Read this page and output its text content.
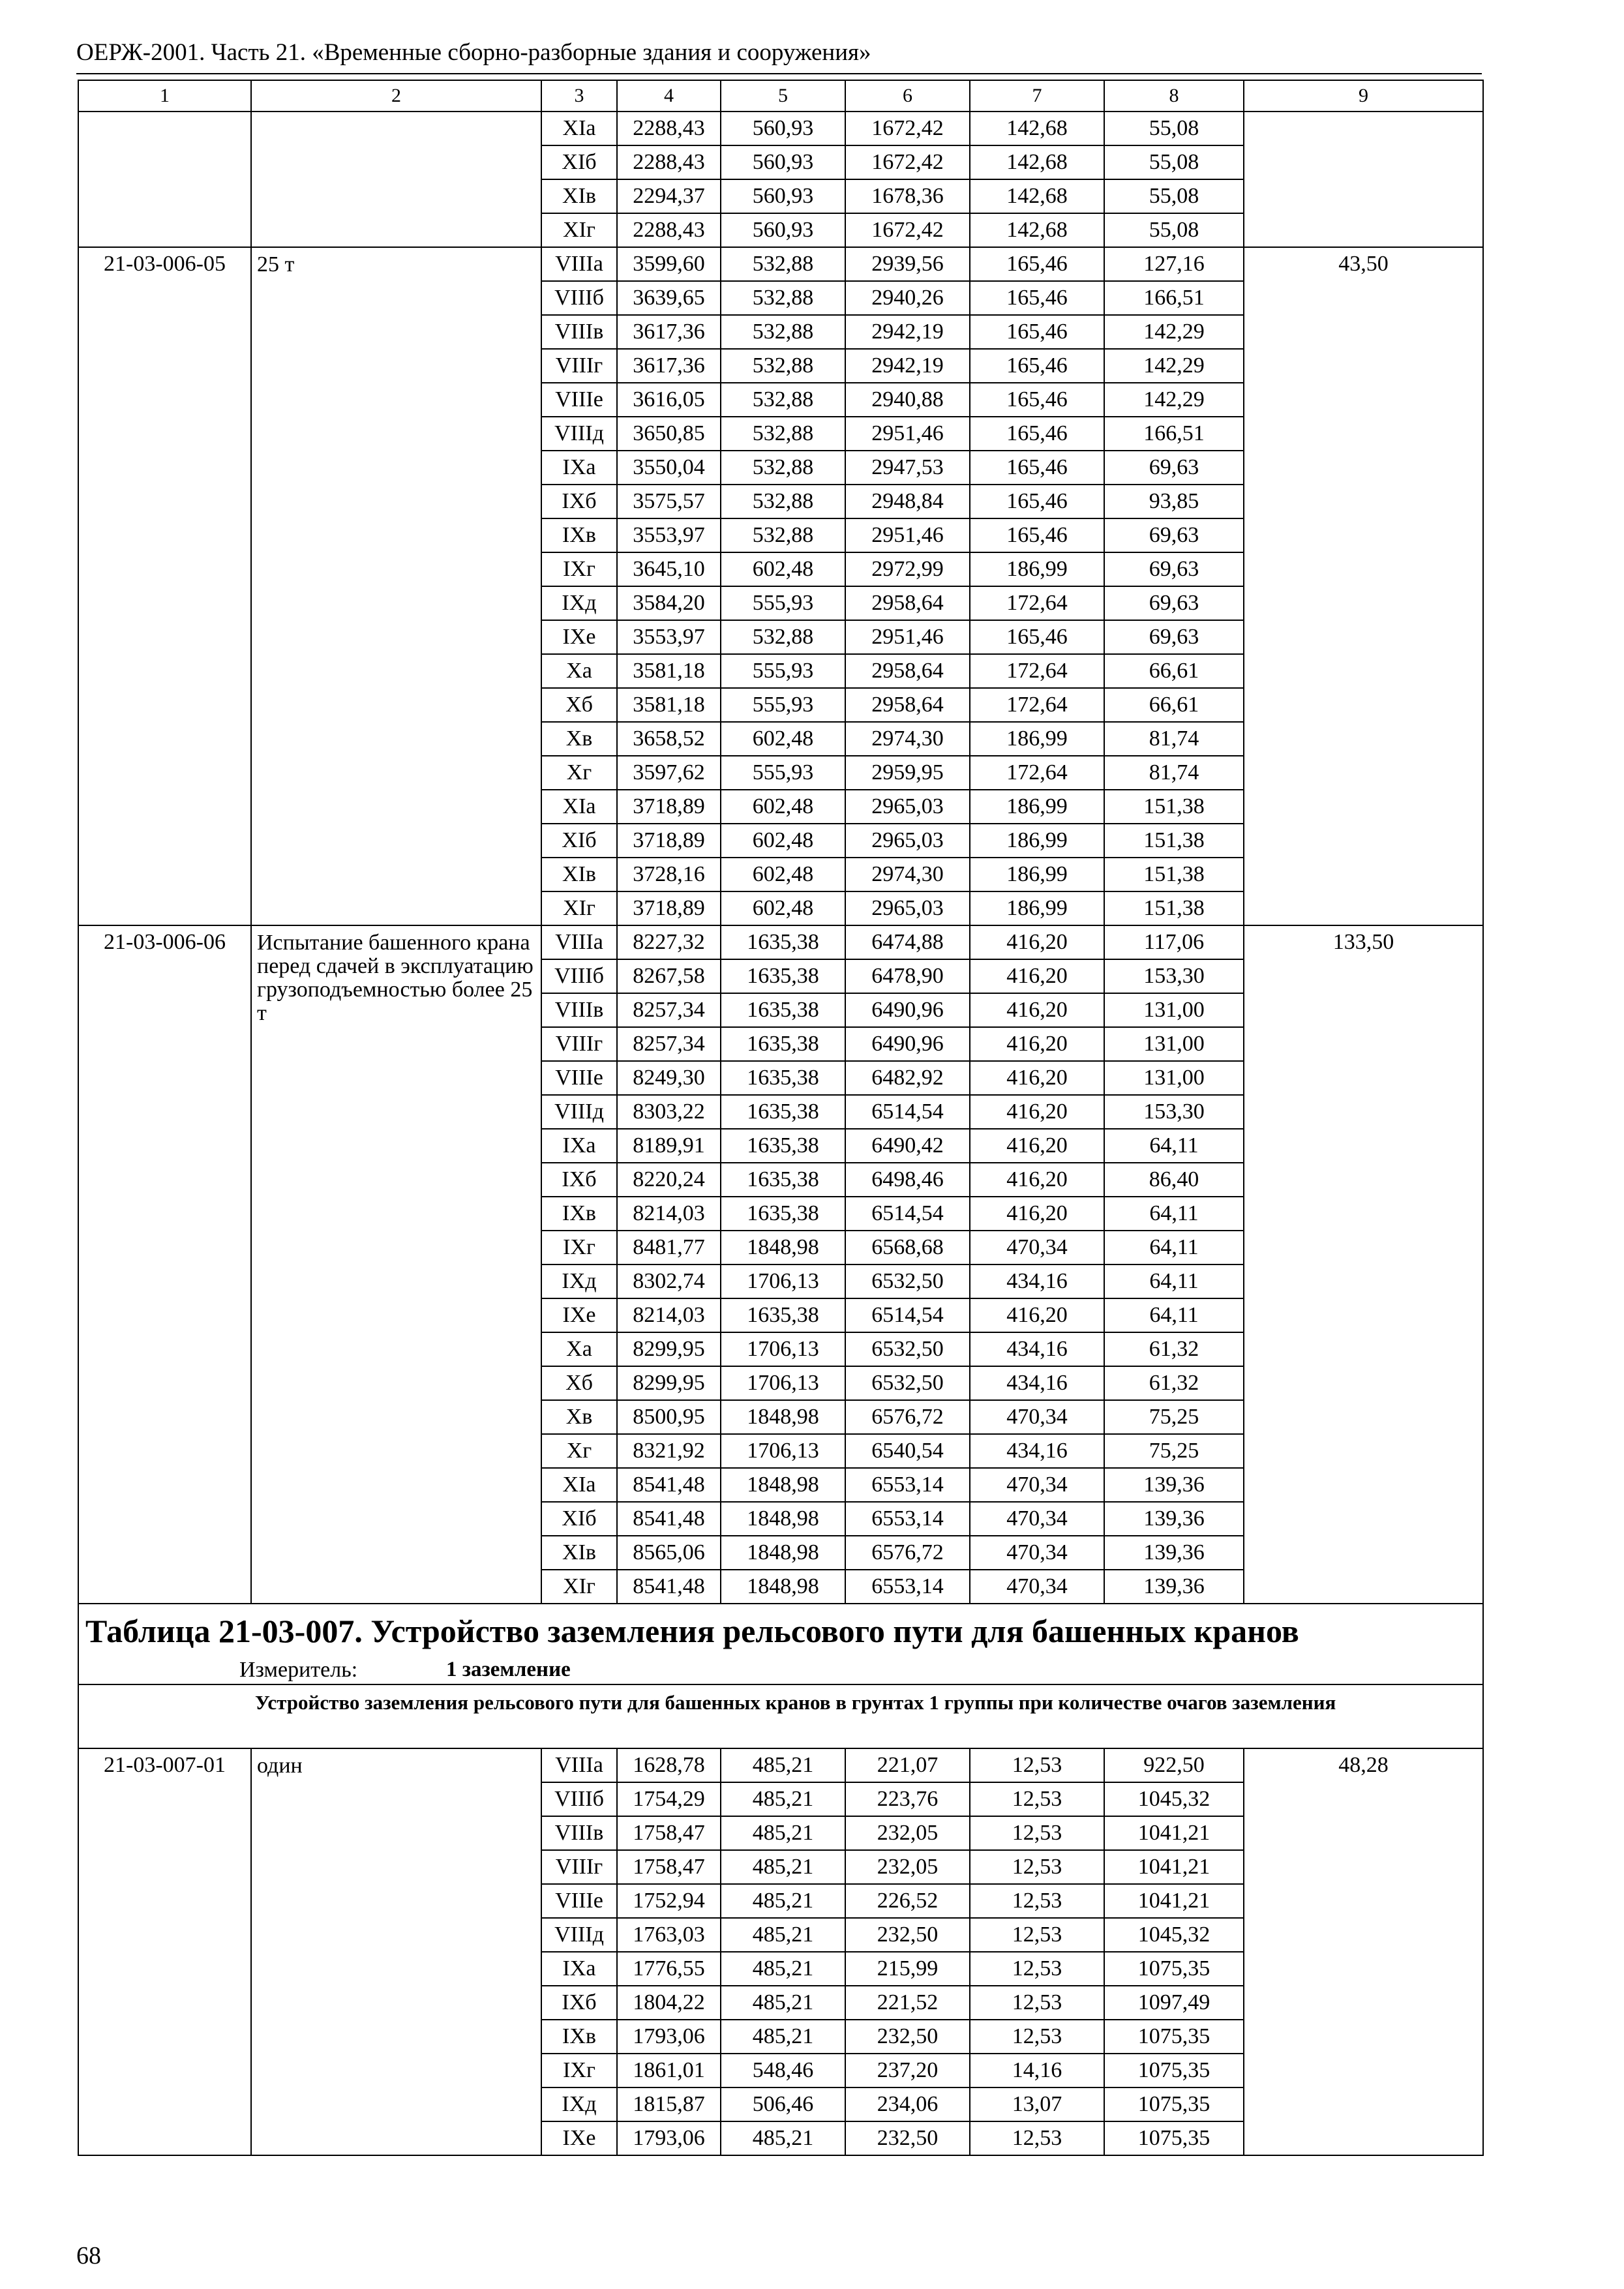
ОЕРЖ-2001. Часть 21. «Временные сборно-разборные здания и сооружения»
1	2	3	4	5	6	7	8	9
		XIa	2288,43	560,93	1672,42	142,68	55,08	
		XIб	2288,43	560,93	1672,42	142,68	55,08	
		XIв	2294,37	560,93	1678,36	142,68	55,08	
		XIг	2288,43	560,93	1672,42	142,68	55,08	
21-03-006-05	25 т	VIIIa	3599,60	532,88	2939,56	165,46	127,16	43,50
		VIIIб	3639,65	532,88	2940,26	165,46	166,51	
		VIIIв	3617,36	532,88	2942,19	165,46	142,29	
		VIIIг	3617,36	532,88	2942,19	165,46	142,29	
		VIIIе	3616,05	532,88	2940,88	165,46	142,29	
		VIIIд	3650,85	532,88	2951,46	165,46	166,51	
		IXa	3550,04	532,88	2947,53	165,46	69,63	
		IXб	3575,57	532,88	2948,84	165,46	93,85	
		IXв	3553,97	532,88	2951,46	165,46	69,63	
		IXг	3645,10	602,48	2972,99	186,99	69,63	
		IXд	3584,20	555,93	2958,64	172,64	69,63	
		IXе	3553,97	532,88	2951,46	165,46	69,63	
		Xa	3581,18	555,93	2958,64	172,64	66,61	
		Xб	3581,18	555,93	2958,64	172,64	66,61	
		Xв	3658,52	602,48	2974,30	186,99	81,74	
		Xг	3597,62	555,93	2959,95	172,64	81,74	
		XIa	3718,89	602,48	2965,03	186,99	151,38	
		XIб	3718,89	602,48	2965,03	186,99	151,38	
		XIв	3728,16	602,48	2974,30	186,99	151,38	
		XIг	3718,89	602,48	2965,03	186,99	151,38	
21-03-006-06	Испытание башенного крана перед сдачей в эксплуатацию грузоподъемностью более 25 т	VIIIa	8227,32	1635,38	6474,88	416,20	117,06	133,50
		VIIIб	8267,58	1635,38	6478,90	416,20	153,30	
		VIIIв	8257,34	1635,38	6490,96	416,20	131,00	
		VIIIг	8257,34	1635,38	6490,96	416,20	131,00	
		VIIIе	8249,30	1635,38	6482,92	416,20	131,00	
		VIIIд	8303,22	1635,38	6514,54	416,20	153,30	
		IXa	8189,91	1635,38	6490,42	416,20	64,11	
		IXб	8220,24	1635,38	6498,46	416,20	86,40	
		IXв	8214,03	1635,38	6514,54	416,20	64,11	
		IXг	8481,77	1848,98	6568,68	470,34	64,11	
		IXд	8302,74	1706,13	6532,50	434,16	64,11	
		IXе	8214,03	1635,38	6514,54	416,20	64,11	
		Xa	8299,95	1706,13	6532,50	434,16	61,32	
		Xб	8299,95	1706,13	6532,50	434,16	61,32	
		Xв	8500,95	1848,98	6576,72	470,34	75,25	
		Xг	8321,92	1706,13	6540,54	434,16	75,25	
		XIa	8541,48	1848,98	6553,14	470,34	139,36	
		XIб	8541,48	1848,98	6553,14	470,34	139,36	
		XIв	8565,06	1848,98	6576,72	470,34	139,36	
		XIг	8541,48	1848,98	6553,14	470,34	139,36	

Таблица 21-03-007. Устройство заземления рельсового пути для башенных кранов
Измеритель: 1 заземление								

Устройство заземления рельсового пути для башенных кранов в грунтах 1 группы при количестве очагов заземления								
21-03-007-01	один	VIIIa	1628,78	485,21	221,07	12,53	922,50	48,28
		VIIIб	1754,29	485,21	223,76	12,53	1045,32	
		VIIIв	1758,47	485,21	232,05	12,53	1041,21	
		VIIIг	1758,47	485,21	232,05	12,53	1041,21	
		VIIIе	1752,94	485,21	226,52	12,53	1041,21	
		VIIIд	1763,03	485,21	232,50	12,53	1045,32	
		IXa	1776,55	485,21	215,99	12,53	1075,35	
		IXб	1804,22	485,21	221,52	12,53	1097,49	
		IXв	1793,06	485,21	232,50	12,53	1075,35	
		IXг	1861,01	548,46	237,20	14,16	1075,35	
		IXд	1815,87	506,46	234,06	13,07	1075,35	
		IXе	1793,06	485,21	232,50	12,53	1075,35	
68
